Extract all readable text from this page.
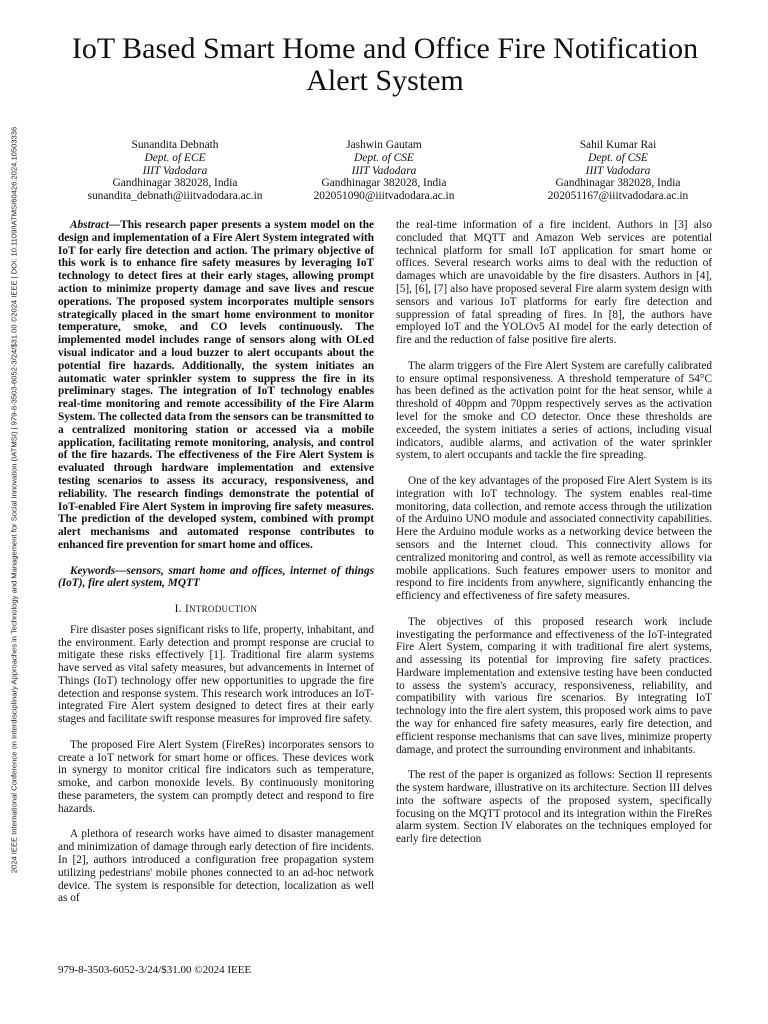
2024 IEEE International Conference on Interdisciplinary Approaches in Technology and Management for Social Innovation (IATMSI) | 979-8-3503-6052-3/24/$31.00 ©2024 IEEE | DOI: 10.1109/IATMSI60426.2024.10503336
IoT Based Smart Home and Office Fire Notification Alert System
Sunandita Debnath
Dept. of ECE
IIIT Vadodara
Gandhinagar 382028, India
sunandita_debnath@iiitvadodara.ac.in
Jashwin Gautam
Dept. of CSE
IIIT Vadodara
Gandhinagar 382028, India
202051090@iiitvadodara.ac.in
Sahil Kumar Rai
Dept. of CSE
IIIT Vadodara
Gandhinagar 382028, India
202051167@iiitvadodara.ac.in

Abstract—This research paper presents a system model on the design and implementation of a Fire Alert System integrated with IoT for early fire detection and action. The primary objective of this work is to enhance fire safety measures by leveraging IoT technology to detect fires at their early stages, allowing prompt action to minimize property damage and save lives and rescue operations. The proposed system incorporates multiple sensors strategically placed in the smart home environment to monitor temperature, smoke, and CO levels continuously. The implemented model includes range of sensors along with OLed visual indicator and a loud buzzer to alert occupants about the potential fire hazards. Additionally, the system initiates an automatic water sprinkler system to suppress the fire in its preliminary stages. The integration of IoT technology enables real-time monitoring and remote accessibility of the Fire Alarm System. The collected data from the sensors can be transmitted to a centralized monitoring station or accessed via a mobile application, facilitating remote monitoring, analysis, and control of the fire hazards. The effectiveness of the Fire Alert System is evaluated through hardware implementation and extensive testing scenarios to assess its accuracy, responsiveness, and reliability. The research findings demonstrate the potential of IoT-enabled Fire Alert System in improving fire safety measures. The prediction of the developed system, combined with prompt alert mechanisms and automated response contributes to enhanced fire prevention for smart home and offices.

Keywords—sensors, smart home and offices, internet of things (IoT), fire alert system, MQTT

I. INTRODUCTION

Fire disaster poses significant risks to life, property, inhabitant, and the environment. Early detection and prompt response are crucial to mitigate these risks effectively [1]. Traditional fire alarm systems have served as vital safety measures, but advancements in Internet of Things (IoT) technology offer new opportunities to upgrade the fire detection and response system. This research work introduces an IoT-integrated Fire Alert system designed to detect fires at their early stages and facilitate swift response measures for improved fire safety.

The proposed Fire Alert System (FireRes) incorporates sensors to create a IoT network for smart home or offices. These devices work in synergy to monitor critical fire indicators such as temperature, smoke, and carbon monoxide levels. By continuously monitoring these parameters, the system can promptly detect and respond to fire hazards.

A plethora of research works have aimed to disaster management and minimization of damage through early detection of fire incidents. In [2], authors introduced a configuration free propagation system utilizing pedestrians' mobile phones connected to an ad-hoc network device. The system is responsible for detection, localization as well as of

the real-time information of a fire incident. Authors in [3] also concluded that MQTT and Amazon Web services are potential technical platform for small IoT application for smart home or offices. Several research works aims to deal with the reduction of damages which are unavoidable by the fire disasters. Authors in [4], [5], [6], [7] also have proposed several Fire alarm system design with sensors and various IoT platforms for early fire detection and suppression of fatal spreading of fires. In [8], the authors have employed IoT and the YOLOv5 AI model for the early detection of fire and the reduction of false positive fire alerts.

The alarm triggers of the Fire Alert System are carefully calibrated to ensure optimal responsiveness. A threshold temperature of 54°C has been defined as the activation point for the heat sensor, while a threshold of 40ppm and 70ppm respectively serves as the activation level for the smoke and CO detector. Once these thresholds are exceeded, the system initiates a series of actions, including visual indicators, audible alarms, and activation of the water sprinkler system, to alert occupants and tackle the fire spreading.

One of the key advantages of the proposed Fire Alert System is its integration with IoT technology. The system enables real-time monitoring, data collection, and remote access through the utilization of the Arduino UNO module and associated connectivity capabilities. Here the Arduino module works as a networking device between the sensors and the Internet cloud. This connectivity allows for centralized monitoring and control, as well as remote accessibility via mobile applications. Such features empower users to monitor and respond to fire incidents from anywhere, significantly enhancing the efficiency and effectiveness of fire safety measures.

The objectives of this proposed research work include investigating the performance and effectiveness of the IoT-integrated Fire Alert System, comparing it with traditional fire alert systems, and assessing its potential for improving fire safety practices. Hardware implementation and extensive testing have been conducted to assess the system's accuracy, responsiveness, reliability, and compatibility with various fire scenarios. By integrating IoT technology into the fire alert system, this proposed work aims to pave the way for enhanced fire safety measures, early fire detection, and efficient response mechanisms that can save lives, minimize property damage, and protect the surrounding environment and inhabitants.

The rest of the paper is organized as follows: Section II represents the system hardware, illustrative on its architecture. Section III delves into the software aspects of the proposed system, specifically focusing on the MQTT protocol and its integration within the FireRes alarm system. Section IV elaborates on the techniques employed for early fire detection

979-8-3503-6052-3/24/$31.00 ©2024 IEEE
